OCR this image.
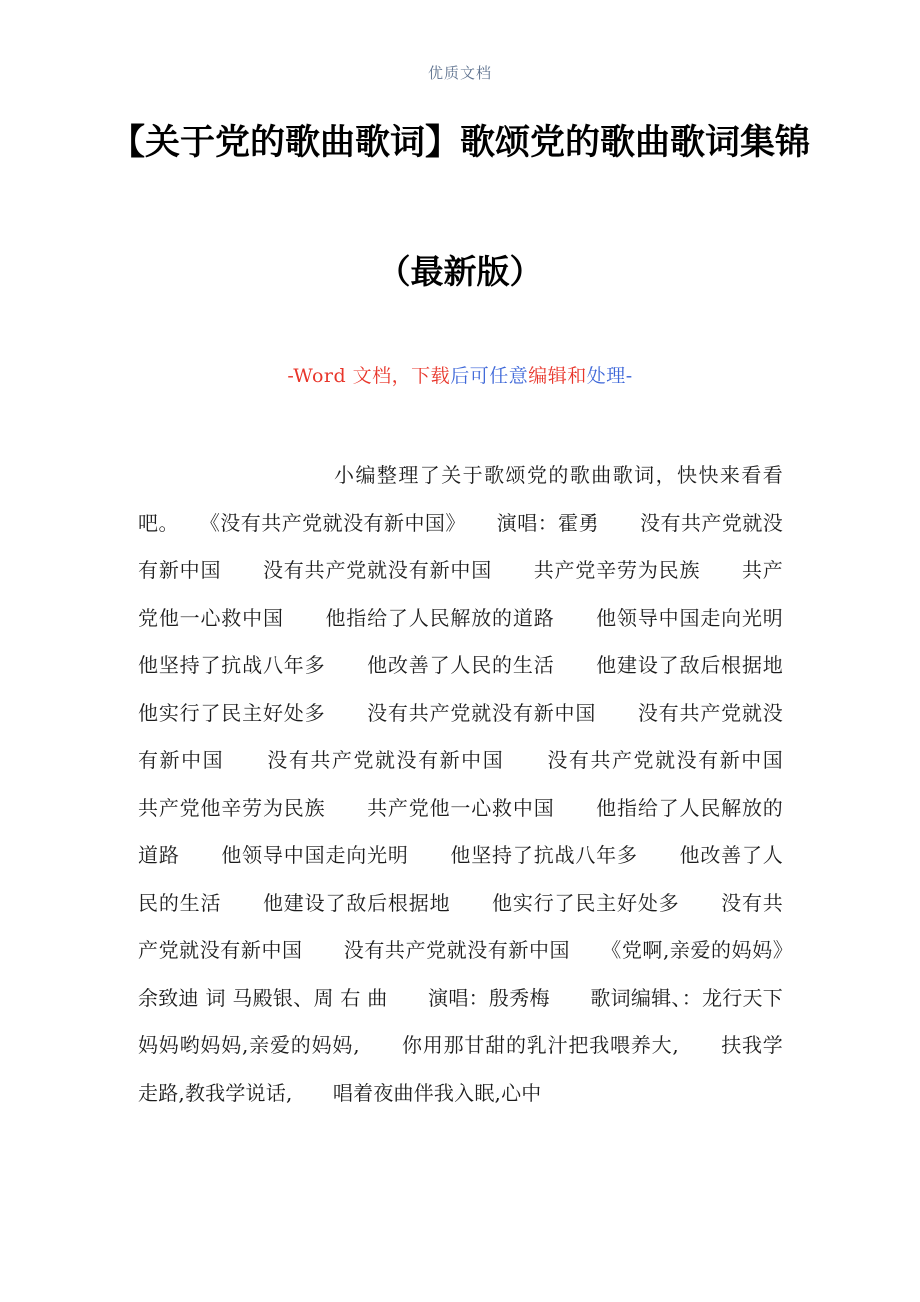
优质文档
【关于党的歌曲歌词】歌颂党的歌曲歌词集锦
（最新版）
-Word 文档，下载后可任意编辑和处理-

小编整理了关于歌颂党的歌曲歌词，快快来看看吧。　　《没有共产党就没有新中国》　　演唱：霍勇　　没有共产党就没有新中国　　没有共产党就没有新中国　　共产党辛劳为民族　　共产党他一心救中国　　他指给了人民解放的道路　　他领导中国走向光明　　他坚持了抗战八年多　　他改善了人民的生活　　他建设了敌后根据地　　他实行了民主好处多　　没有共产党就没有新中国　　没有共产党就没有新中国　　没有共产党就没有新中国　　没有共产党就没有新中国　　共产党他辛劳为民族　　共产党他一心救中国　　他指给了人民解放的道路　　他领导中国走向光明　　他坚持了抗战八年多　　他改善了人民的生活　　他建设了敌后根据地　　他实行了民主好处多　　没有共产党就没有新中国　　没有共产党就没有新中国　　《党啊,亲爱的妈妈》　　余致迪 词 马殿银、周 右 曲　　演唱：殷秀梅　　歌词编辑、：龙行天下　　妈妈哟妈妈,亲爱的妈妈,　　你用那甘甜的乳汁把我喂养大,　　扶我学走路,教我学说话,　　唱着夜曲伴我入眠,心中
